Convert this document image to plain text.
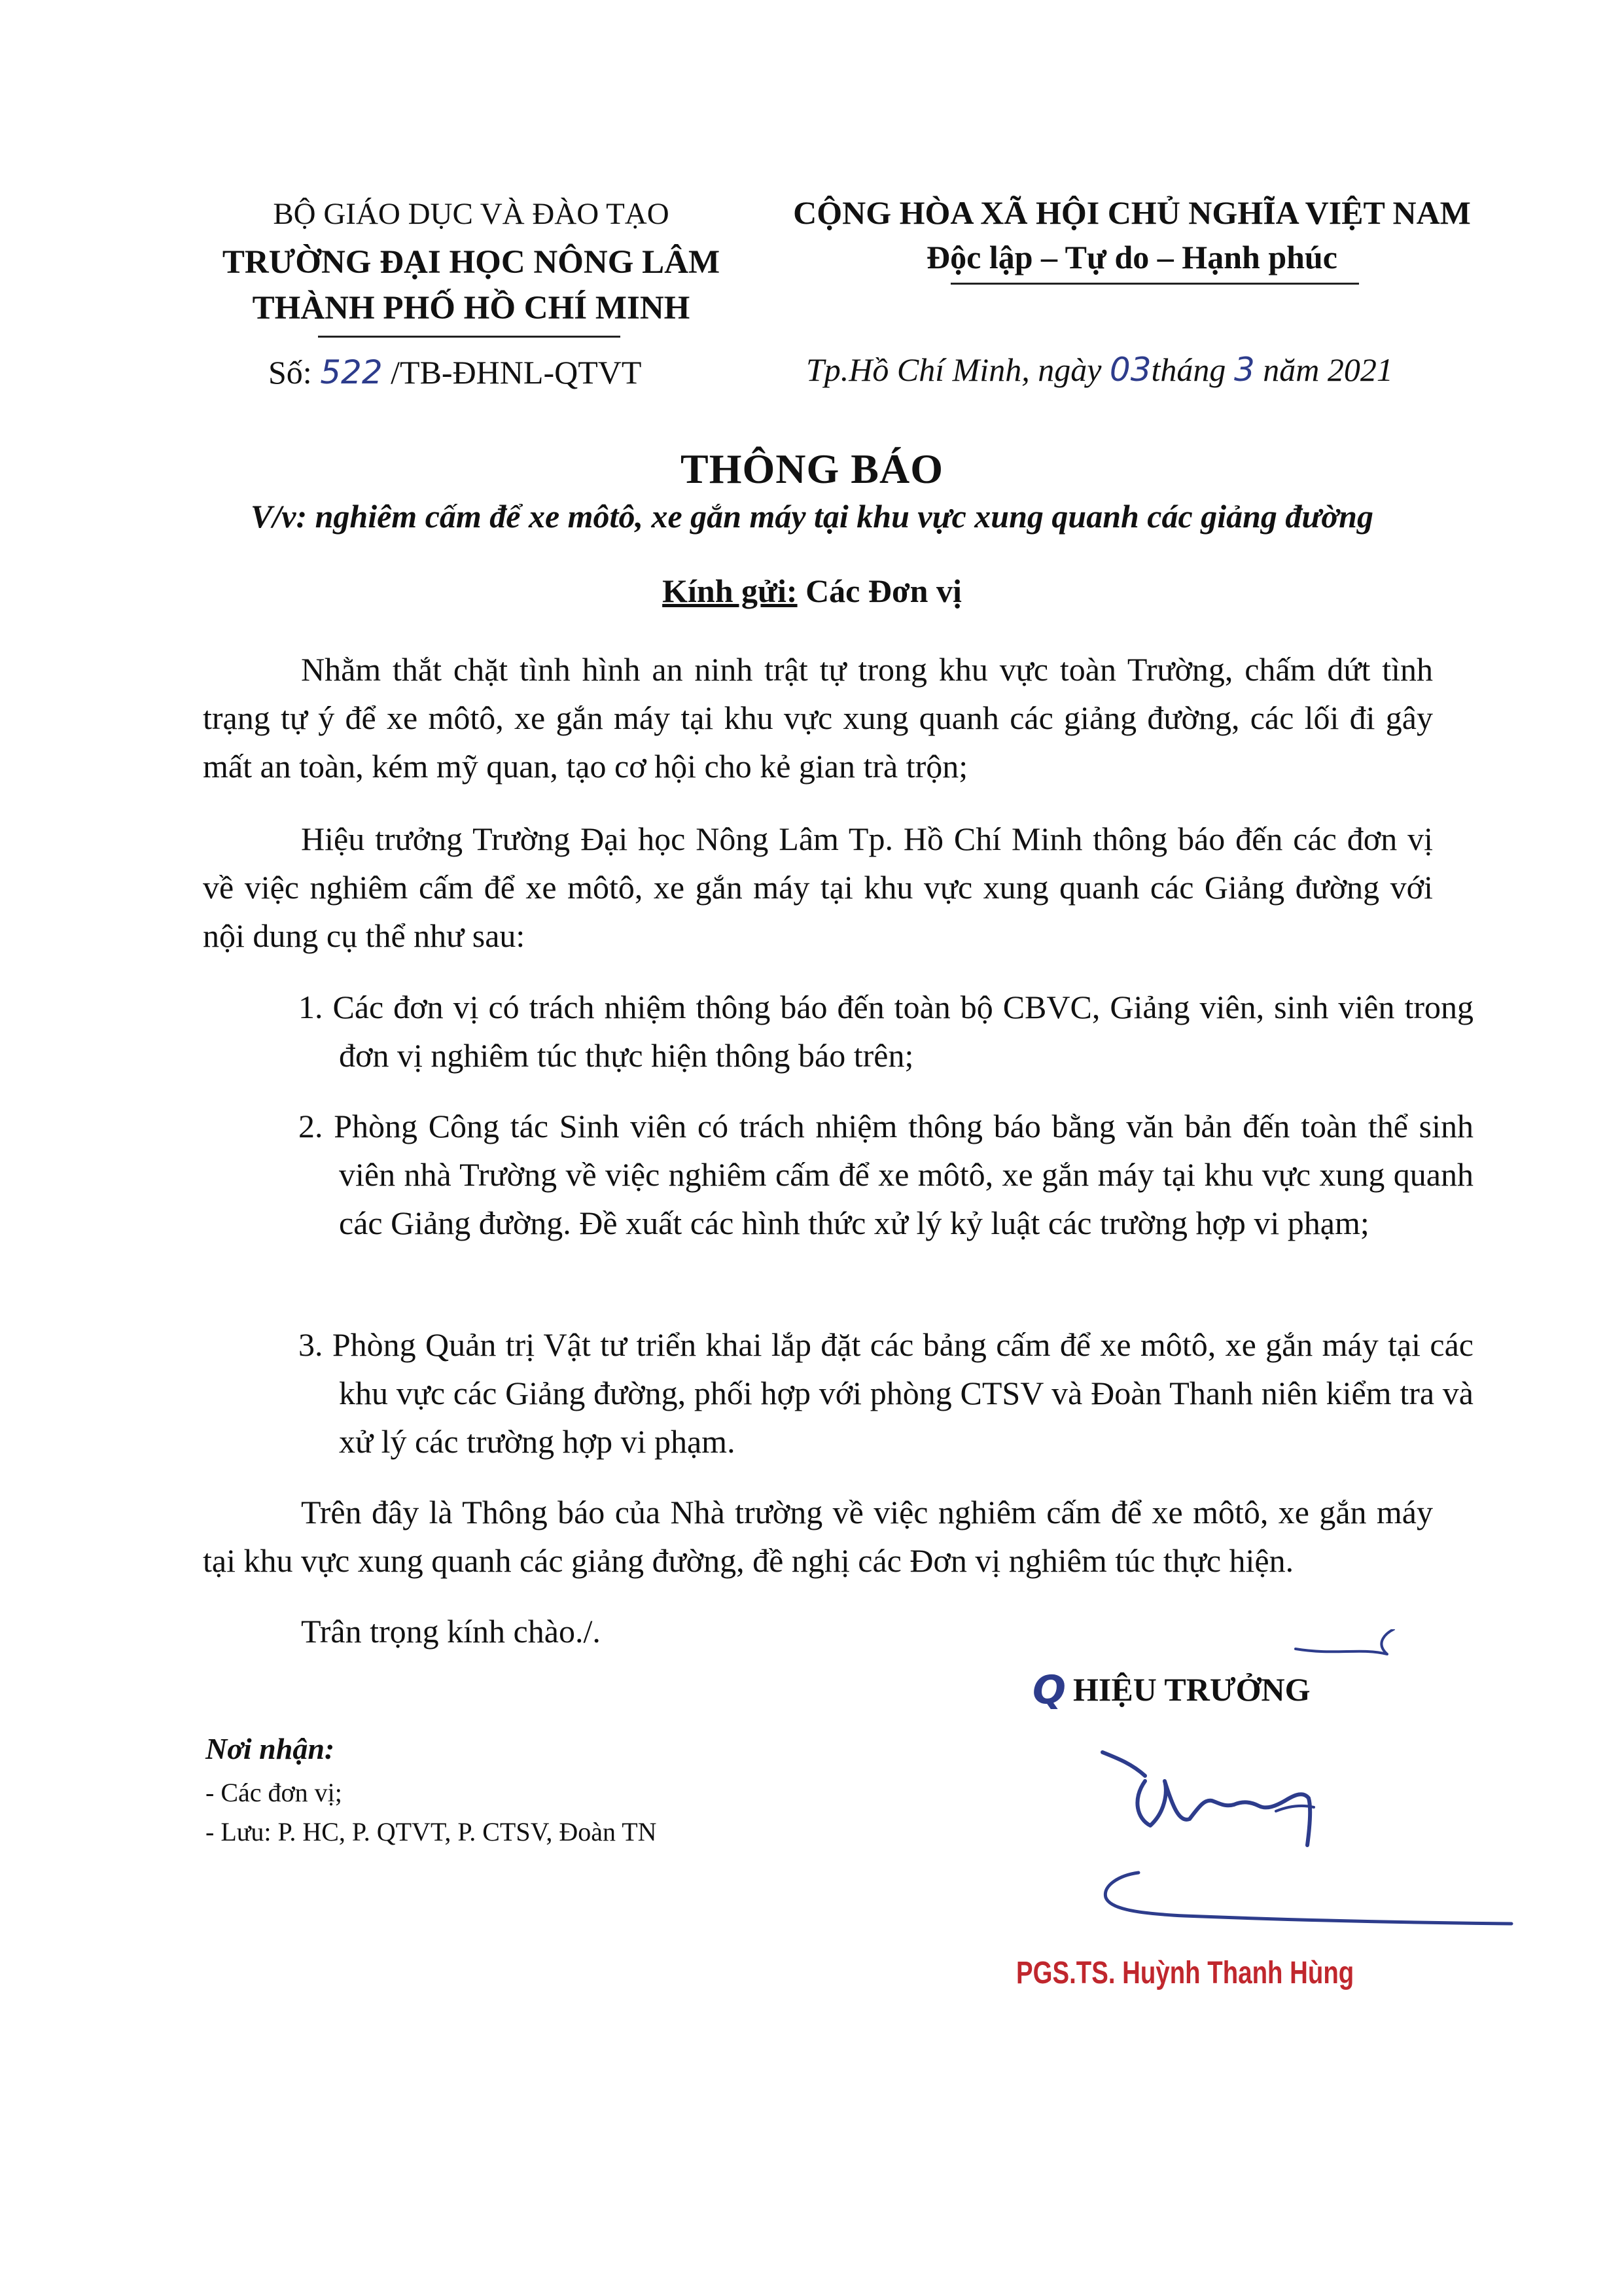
BỘ GIÁO DỤC VÀ ĐÀO TẠO
TRƯỜNG ĐẠI HỌC NÔNG LÂM
THÀNH PHỐ HỒ CHÍ MINH
Số: 522 /TB-ĐHNL-QTVT
CỘNG HÒA XÃ HỘI CHỦ NGHĨA VIỆT NAM
Độc lập – Tự do – Hạnh phúc
Tp.Hồ Chí Minh, ngày 03tháng 3 năm 2021
THÔNG BÁO
V/v: nghiêm cấm để xe môtô, xe gắn máy tại khu vực xung quanh các giảng đường
Kính gửi: Các Đơn vị
Nhằm thắt chặt tình hình an ninh trật tự trong khu vực toàn Trường, chấm dứt tình trạng tự ý để xe môtô, xe gắn máy tại khu vực xung quanh các giảng đường, các lối đi gây mất an toàn, kém mỹ quan, tạo cơ hội cho kẻ gian trà trộn;
Hiệu trưởng Trường Đại học Nông Lâm Tp. Hồ Chí Minh thông báo đến các đơn vị về việc nghiêm cấm để xe môtô, xe gắn máy tại khu vực xung quanh các Giảng đường với nội dung cụ thể như sau:
1. Các đơn vị có trách nhiệm thông báo đến toàn bộ CBVC, Giảng viên, sinh viên trong đơn vị nghiêm túc thực hiện thông báo trên;
2. Phòng Công tác Sinh viên có trách nhiệm thông báo bằng văn bản đến toàn thể sinh viên nhà Trường về việc nghiêm cấm để xe môtô, xe gắn máy tại khu vực xung quanh các Giảng đường. Đề xuất các hình thức xử lý kỷ luật các trường hợp vi phạm;
3. Phòng Quản trị Vật tư triển khai lắp đặt các bảng cấm để xe môtô, xe gắn máy tại các khu vực các Giảng đường, phối hợp với phòng CTSV và Đoàn Thanh niên kiểm tra và xử lý các trường hợp vi phạm.
Trên đây là Thông báo của Nhà trường về việc nghiêm cấm để xe môtô, xe gắn máy tại khu vực xung quanh các giảng đường, đề nghị các Đơn vị nghiêm túc thực hiện.
Trân trọng kính chào./.
Nơi nhận:
- Các đơn vị;
- Lưu: P. HC, P. QTVT, P. CTSV, Đoàn TN
Q HIỆU TRƯỞNG
PGS.TS. Huỳnh Thanh Hùng
